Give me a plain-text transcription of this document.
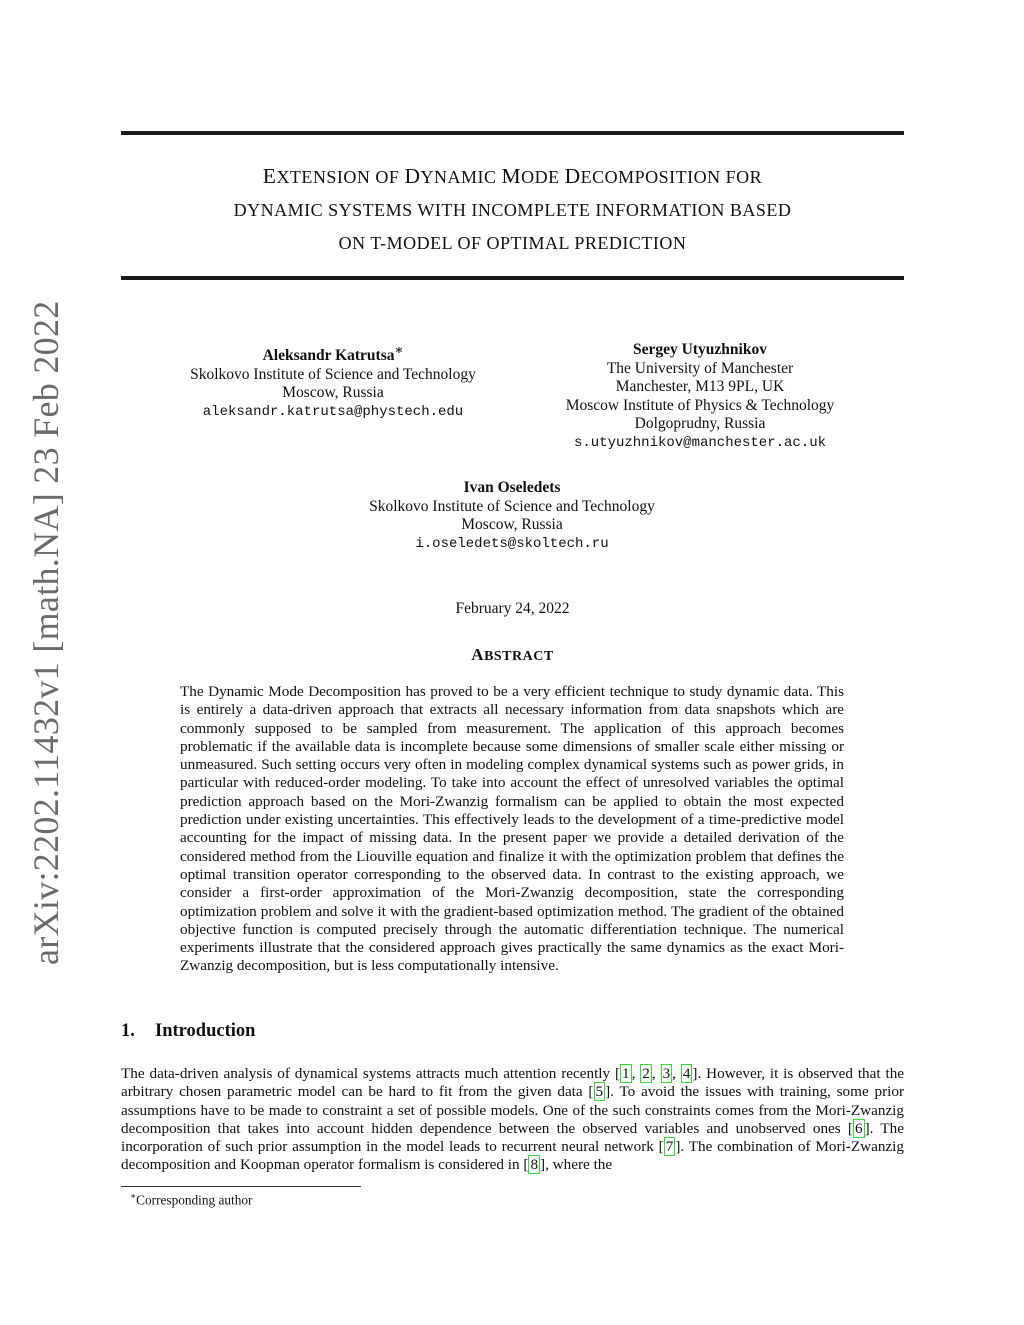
EXTENSION OF DYNAMIC MODE DECOMPOSITION FOR
DYNAMIC SYSTEMS WITH INCOMPLETE INFORMATION BASED
ON T-MODEL OF OPTIMAL PREDICTION
arXiv:2202.11432v1 [math.NA] 23 Feb 2022	Aleksandr Katrutsa∗
Skolkovo Institute of Science and Technology
Moscow, Russia
aleksandr.katrutsa@phystech.edu
Sergey Utyuzhnikov
The University of Manchester
Manchester, M13 9PL, UK
Moscow Institute of Physics & Technology
Dolgoprudny, Russia
s.utyuzhnikov@manchester.ac.uk
Ivan Oseledets
Skolkovo Institute of Science and Technology
Moscow, Russia
i.oseledets@skoltech.ru
February 24, 2022
ABSTRACT
The Dynamic Mode Decomposition has proved to be a very efficient technique to study dynamic data. This is entirely a data-driven approach that extracts all necessary information from data snapshots which are commonly supposed to be sampled from measurement. The application of this approach becomes problematic if the available data is incomplete because some dimensions of smaller scale either missing or unmeasured. Such setting occurs very often in modeling complex dynamical systems such as power grids, in particular with reduced-order modeling. To take into account the effect of unresolved variables the optimal prediction approach based on the Mori-Zwanzig formalism can be applied to obtain the most expected prediction under existing uncertainties. This effectively leads to the development of a time-predictive model accounting for the impact of missing data. In the present paper we provide a detailed derivation of the considered method from the Liouville equation and finalize it with the optimization problem that defines the optimal transition operator corresponding to the observed data. In contrast to the existing approach, we consider a first-order approximation of the Mori-Zwanzig decomposition, state the corresponding optimization problem and solve it with the gradient-based optimization method. The gradient of the obtained objective function is computed precisely through the automatic differentiation technique. The numerical experiments illustrate that the considered approach gives practically the same dynamics as the exact Mori-Zwanzig decomposition, but is less computationally intensive.
1. Introduction
The data-driven analysis of dynamical systems attracts much attention recently [ 1 , 2 , 3 , 4 ]. However, it is observed that the arbitrary chosen parametric model can be hard to fit from the given data [ 5 ]. To avoid the issues with training, some prior assumptions have to be made to constraint a set of possible models. One of the such constraints comes from the Mori-Zwanzig decomposition that takes into account hidden dependence between the observed variables and unobserved ones [ 6 ]. The incorporation of such prior assumption in the model leads to recurrent neural network [ 7 ]. The combination of Mori-Zwanzig decomposition and Koopman operator formalism is considered in [ 8 ], where the
∗Corresponding author
